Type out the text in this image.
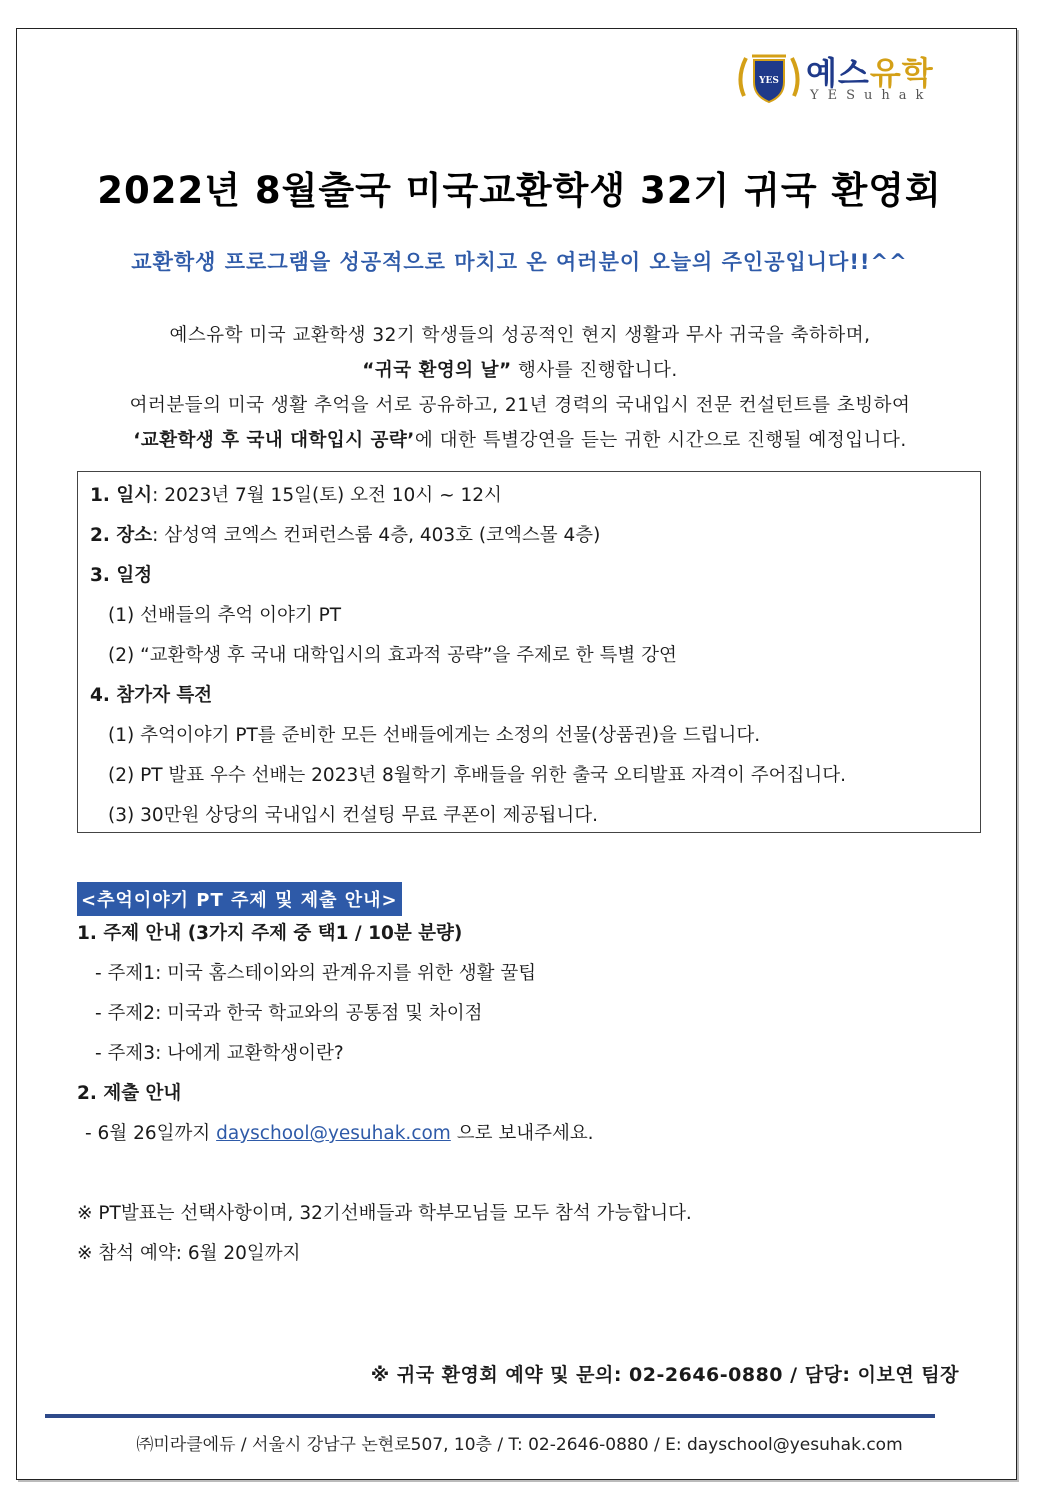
YES 예스유학
YESuhak
2022년 8월출국 미국교환학생 32기 귀국 환영회
교환학생 프로그램을 성공적으로 마치고 온 여러분이 오늘의 주인공입니다!!^^

예스유학 미국 교환학생 32기 학생들의 성공적인 현지 생활과 무사 귀국을 축하하며,

“귀국 환영의 날” 행사를 진행합니다.

여러분들의 미국 생활 추억을 서로 공유하고, 21년 경력의 국내입시 전문 컨설턴트를 초빙하여

‘교환학생 후 국내 대학입시 공략’에 대한 특별강연을 듣는 귀한 시간으로 진행될 예정입니다.

1. 일시: 2023년 7월 15일(토) 오전 10시 ~ 12시
2. 장소: 삼성역 코엑스 컨퍼런스룸 4층, 403호 (코엑스몰 4층)
3. 일정
(1) 선배들의 추억 이야기 PT
(2) “교환학생 후 국내 대학입시의 효과적 공략”을 주제로 한 특별 강연
4. 참가자 특전
(1) 추억이야기 PT를 준비한 모든 선배들에게는 소정의 선물(상품권)을 드립니다.
(2) PT 발표 우수 선배는 2023년 8월학기 후배들을 위한 출국 오티발표 자격이 주어집니다.
(3) 30만원 상당의 국내입시 컨설팅 무료 쿠폰이 제공됩니다.
<추억이야기 PT 주제 및 제출 안내>
1. 주제 안내 (3가지 주제 중 택1 / 10분 분량)
- 주제1: 미국 홈스테이와의 관계유지를 위한 생활 꿀팁
- 주제2: 미국과 한국 학교와의 공통점 및 차이점
- 주제3: 나에게 교환학생이란?
2. 제출 안내
- 6월 26일까지 dayschool@yesuhak.com 으로 보내주세요.
※ PT발표는 선택사항이며, 32기선배들과 학부모님들 모두 참석 가능합니다.
※ 참석 예약: 6월 20일까지
※ 귀국 환영회 예약 및 문의: 02-2646-0880 / 담당: 이보연 팀장
㈜미라클에듀 / 서울시 강남구 논현로507, 10층 / T: 02-2646-0880 / E: dayschool@yesuhak.com
